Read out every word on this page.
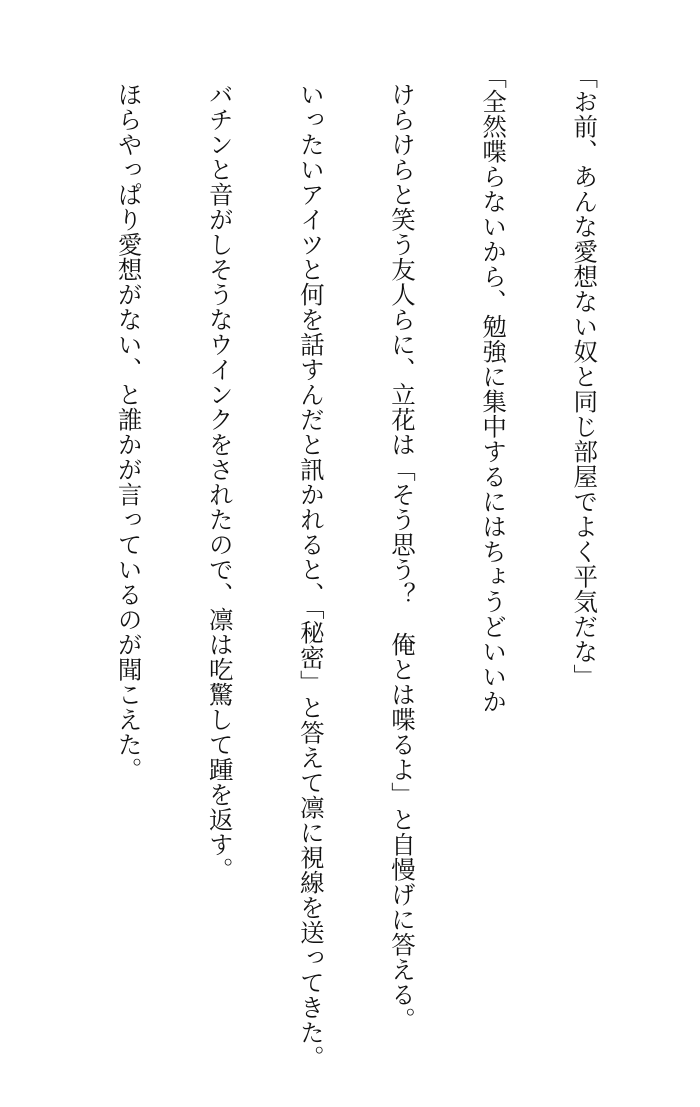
「お前、あんな愛想ない奴と同じ部屋でよく平気だな」

「全然喋らないから、勉強に集中するにはちょうどいいか

けらけらと笑う友人らに、立花は「そう思う？　俺とは喋るよ」と自慢げに答える。

いったいアイツと何を話すんだと訊かれると、「秘密」と答えて凛に視線を送ってきた。

バチンと音がしそうなウインクをされたので、凛は吃驚して踵を返す。

ほらやっぱり愛想がない、と誰かが言っているのが聞こえた。
